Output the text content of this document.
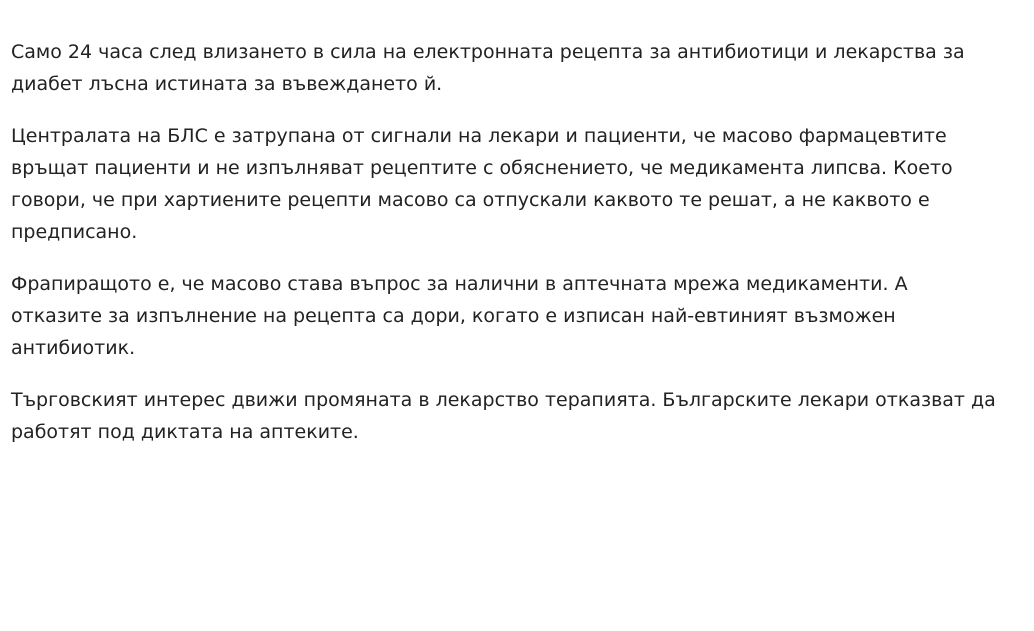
Само 24 часа след влизането в сила на електронната рецепта за антибиотици и лекарства за диабет лъсна истината за въвеждането й.

Централата на БЛС е затрупана от сигнали на лекари и пациенти, че масово фармацевтите връщат пациенти и не изпълняват рецептите с обяснението, че медикамента липсва. Което говори, че при хартиените рецепти масово са отпускали каквото те решат, а не каквото е предписано.

Фрапиращото е, че масово става въпрос за налични в аптечната мрежа медикаменти. А отказите за изпълнение на рецепта са дори, когато е изписан най-евтиният възможен антибиотик.

Търговският интерес движи промяната в лекарство терапията. Българските лекари отказват да работят под диктата на аптеките.
